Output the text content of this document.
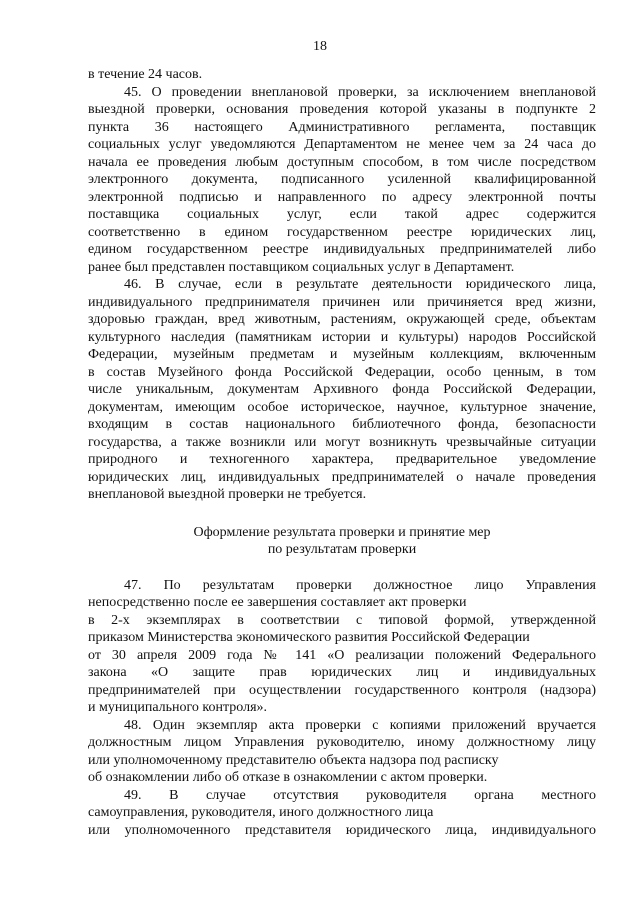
18
в течение 24 часов.
45. О проведении внеплановой проверки, за исключением внеплановой
выездной проверки, основания проведения которой указаны в подпункте 2
пункта 36 настоящего Административного регламента, поставщик
социальных услуг уведомляются Департаментом не менее чем за 24 часа до
начала ее проведения любым доступным способом, в том числе посредством
электронного документа, подписанного усиленной квалифицированной
электронной подписью и направленного по адресу электронной почты
поставщика социальных услуг, если такой адрес содержится
соответственно в едином государственном реестре юридических лиц,
едином государственном реестре индивидуальных предпринимателей либо
ранее был представлен поставщиком социальных услуг в Департамент.
46. В случае, если в результате деятельности юридического лица,
индивидуального предпринимателя причинен или причиняется вред жизни,
здоровью граждан, вред животным, растениям, окружающей среде, объектам
культурного наследия (памятникам истории и культуры) народов Российской
Федерации, музейным предметам и музейным коллекциям, включенным
в состав Музейного фонда Российской Федерации, особо ценным, в том
числе уникальным, документам Архивного фонда Российской Федерации,
документам, имеющим особое историческое, научное, культурное значение,
входящим в состав национального библиотечного фонда, безопасности
государства, а также возникли или могут возникнуть чрезвычайные ситуации
природного и техногенного характера, предварительное уведомление
юридических лиц, индивидуальных предпринимателей о начале проведения
внеплановой выездной проверки не требуется.
Оформление результата проверки и принятие мер
по результатам проверки
47. По результатам проверки должностное лицо Управления
непосредственно после ее завершения составляет акт проверки
в 2-х экземплярах в соответствии с типовой формой, утвержденной
приказом Министерства экономического развития Российской Федерации
от 30 апреля 2009 года № 141 «О реализации положений Федерального
закона «О защите прав юридических лиц и индивидуальных
предпринимателей при осуществлении государственного контроля (надзора)
и муниципального контроля».
48. Один экземпляр акта проверки с копиями приложений вручается
должностным лицом Управления руководителю, иному должностному лицу
или уполномоченному представителю объекта надзора под расписку
об ознакомлении либо об отказе в ознакомлении с актом проверки.
49. В случае отсутствия руководителя органа местного
самоуправления, руководителя, иного должностного лица
или уполномоченного представителя юридического лица, индивидуального
